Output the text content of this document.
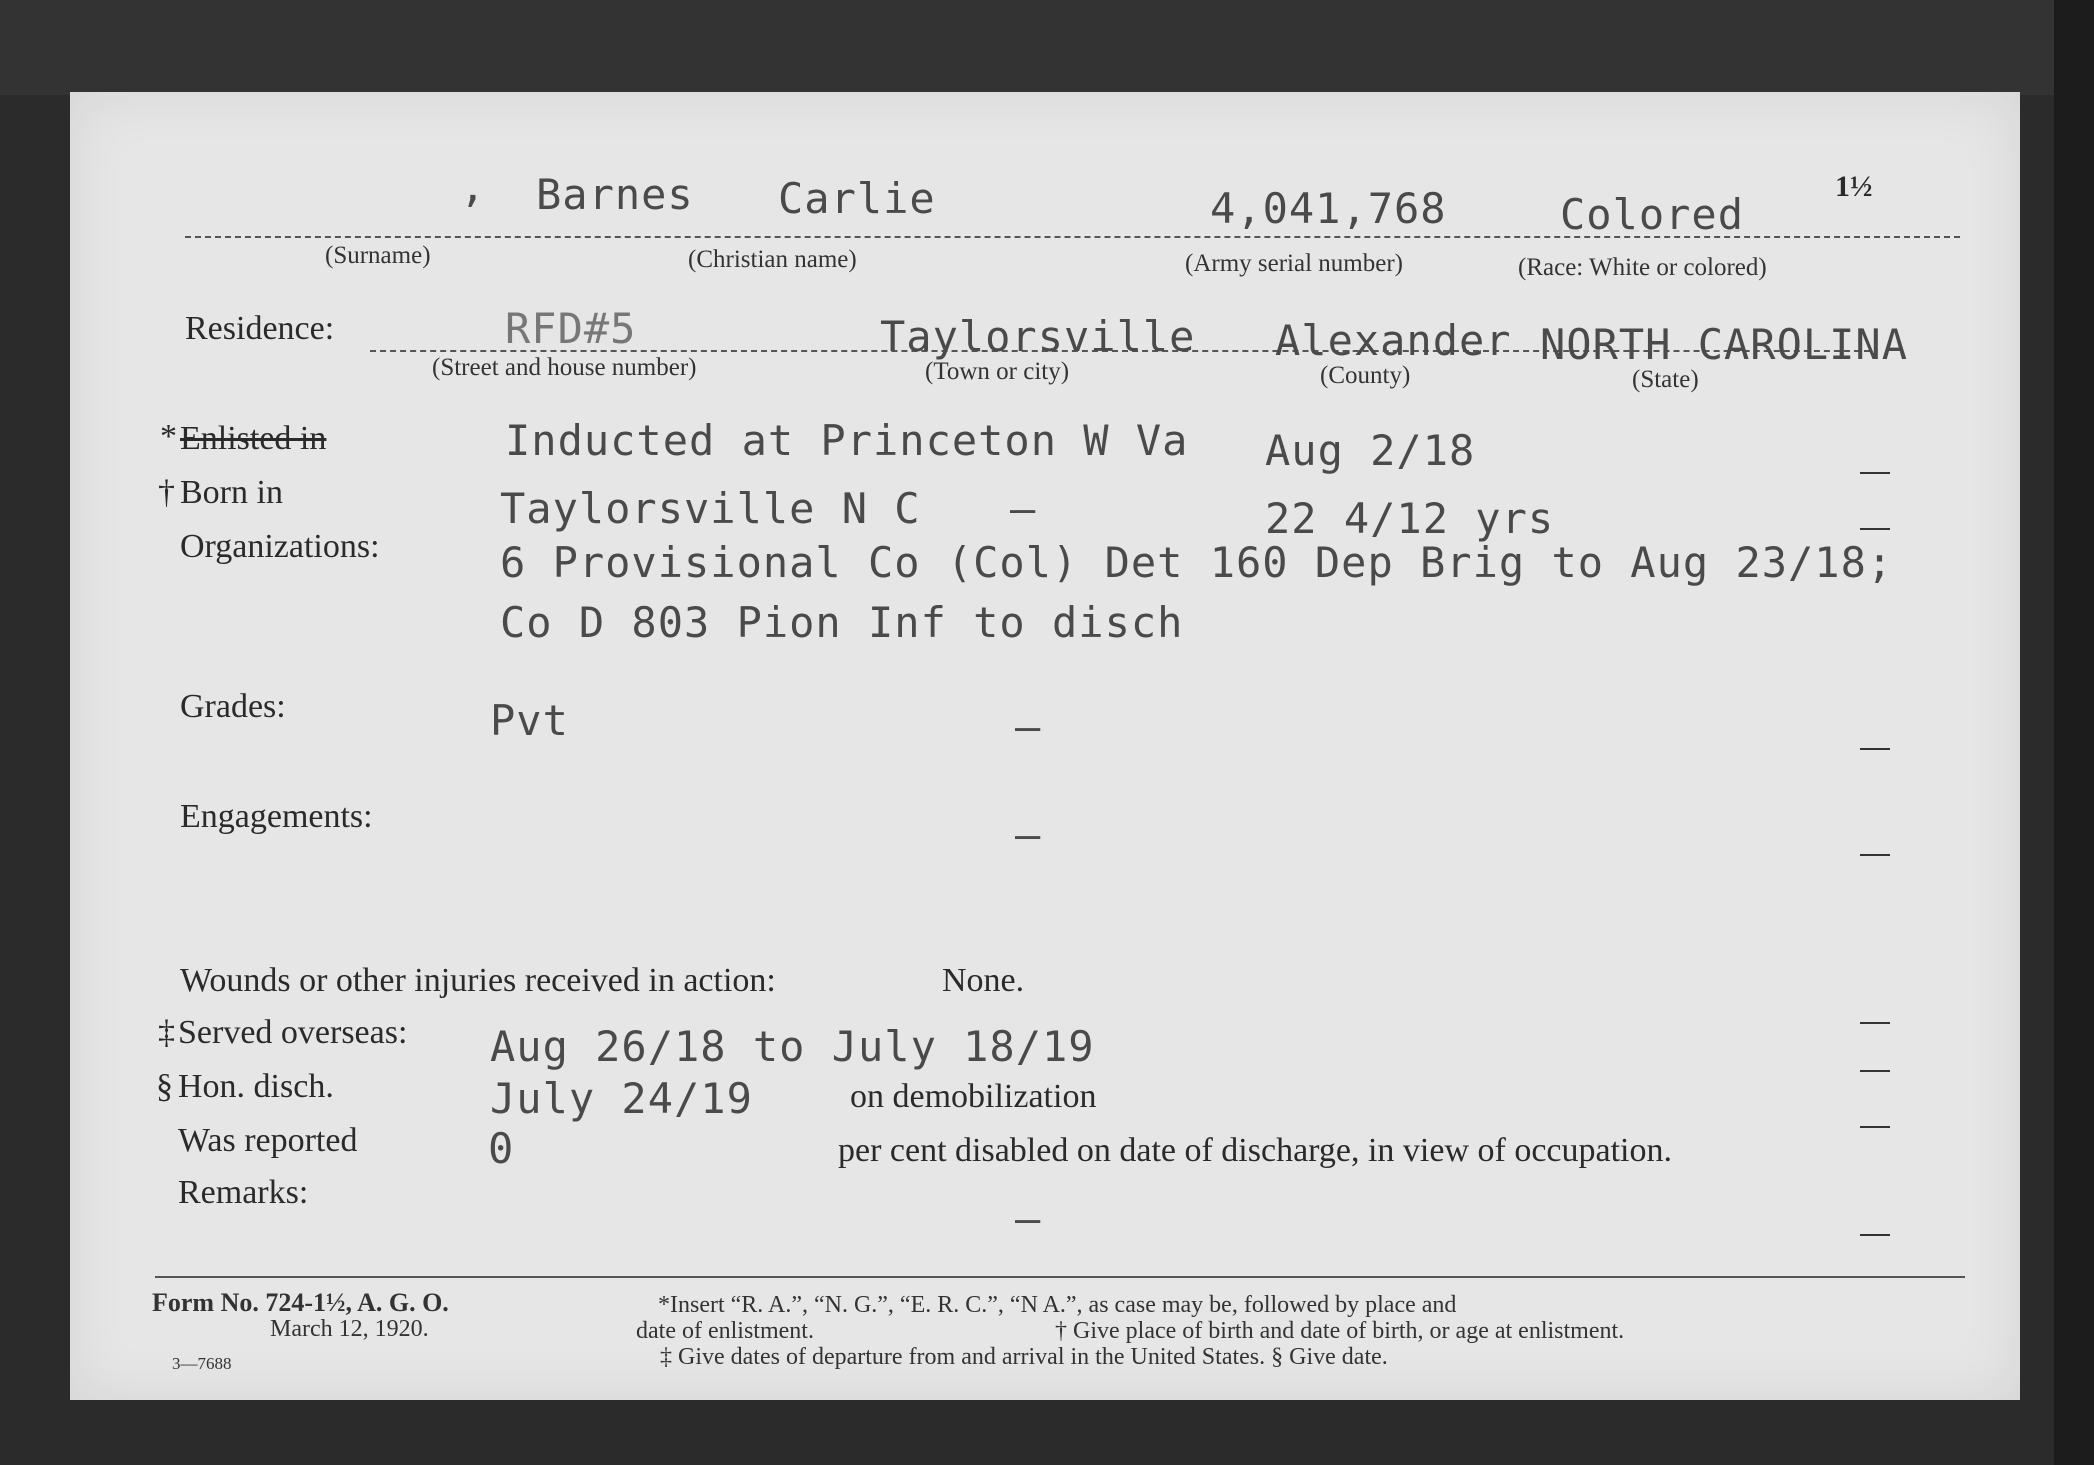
, Barnes Carlie	4,041,768	Colored
1½
(Surname)	(Christian name)	(Army serial number)	(Race: White or colored)
Residence:	RFD#5	Taylorsville Alexander NORTH CAROLINA
(Street and house number)	(Town or city)	(County)	(State)
* Enlisted in	Inducted at Princeton W Va Aug 2/18
† Born in	Taylorsville N C –	22 4/12 yrs
Organizations:	6 Provisional Co (Col) Det 160 Dep Brig to Aug 23/18;
Co D 803 Pion Inf to disch
Grades:	Pvt	–
Engagements:	–
Wounds or other injuries received in action:	None.
‡ Served overseas: Aug 26/18 to July 18/19
§ Hon. disch.	July 24/19	on demobilization
Was reported	0	per cent disabled on date of discharge, in view of occupation.
Remarks:
–
Form No. 724-1½, A. G. O.
March 12, 1920.
3—7688
*Insert “R. A.”, “N. G.”, “E. R. C.”, “N A.”, as case may be, followed by place and
date of enlistment.	† Give place of birth and date of birth, or age at enlistment.
‡ Give dates of departure from and arrival in the United States. § Give date.
